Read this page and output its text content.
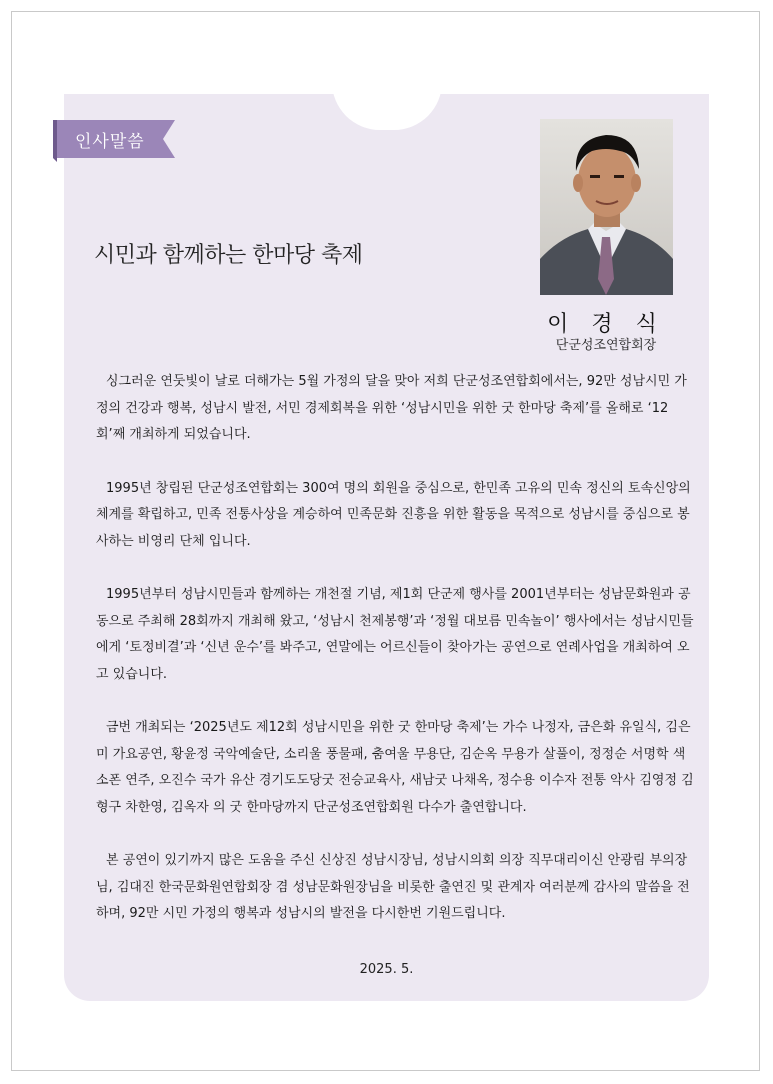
인사말씀
시민과 함께하는 한마당 축제
이 경 식
단군성조연합회장

싱그러운 연둣빛이 날로 더해가는 5월 가정의 달을 맞아 저희 단군성조연합회에서는, 92만 성남시민 가정의 건강과 행복, 성남시 발전, 서민 경제회복을 위한 ‘성남시민을 위한 굿 한마당 축제’를 올해로 ‘12회’째 개최하게 되었습니다.

1995년 창립된 단군성조연합회는 300여 명의 회원을 중심으로, 한민족 고유의 민속 정신의 토속신앙의 체계를 확립하고, 민족 전통사상을 계승하여 민족문화 진흥을 위한 활동을 목적으로 성남시를 중심으로 봉사하는 비영리 단체 입니다.

1995년부터 성남시민들과 함께하는 개천절 기념, 제1회 단군제 행사를 2001년부터는 성남문화원과 공동으로 주최해 28회까지 개최해 왔고, ‘성남시 천제봉행’과 ‘정월 대보름 민속놀이’ 행사에서는 성남시민들에게 ‘토정비결’과 ‘신년 운수’를 봐주고, 연말에는 어르신들이 찾아가는 공연으로 연례사업을 개최하여 오고 있습니다.

금번 개최되는 ‘2025년도 제12회 성남시민을 위한 굿 한마당 축제’는 가수 나정자, 금은화 유일식, 김은미 가요공연, 황윤정 국악예술단, 소리울 풍물패, 춤여울 무용단, 김순옥 무용가 살풀이, 정정순 서명학 색소폰 연주, 오진수 국가 유산 경기도도당굿 전승교육사, 새남굿 나채옥, 정수용 이수자 전통 악사 김영정 김형구 차한영, 김옥자 의 굿 한마당까지 단군성조연합회원 다수가 출연합니다.

본 공연이 있기까지 많은 도움을 주신 신상진 성남시장님, 성남시의회 의장 직무대리이신 안광림 부의장님, 김대진 한국문화원연합회장 겸 성남문화원장님을 비롯한 출연진 및 관계자 여러분께 감사의 말씀을 전하며, 92만 시민 가정의 행복과 성남시의 발전을 다시한번 기원드립니다.

2025. 5.
